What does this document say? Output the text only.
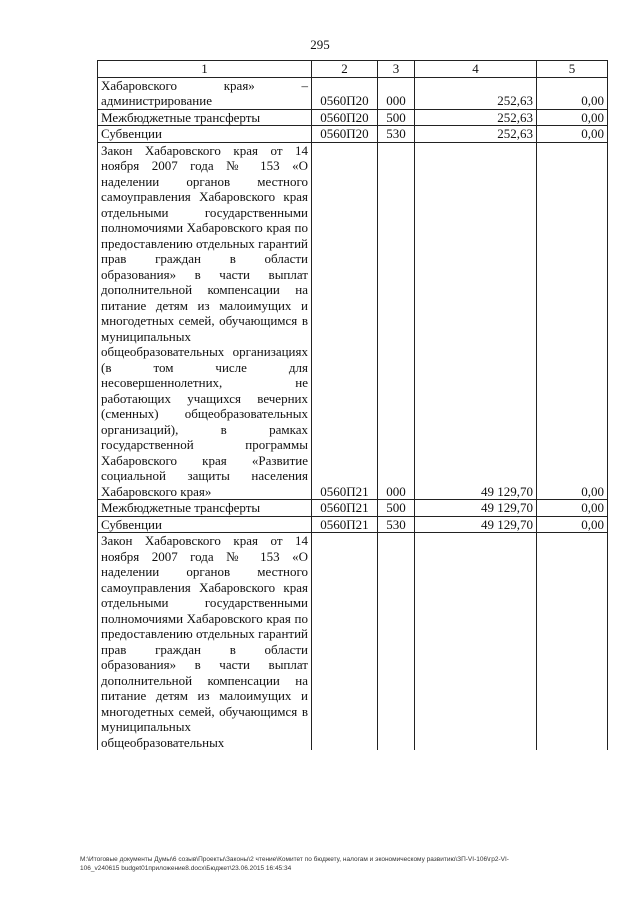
295
1	2	3	4	5
Хабаровского края» – администрирование	0560П20	000	252,63	0,00
Межбюджетные трансферты	0560П20	500	252,63	0,00
Субвенции	0560П20	530	252,63	0,00
Закон Хабаровского края от 14 ноября 2007 года № 153 «О наделении органов местного самоуправления Хабаровского края отдельными государственными полномочиями Хабаровского края по предоставлению отдельных гарантий прав граждан в области образования» в части выплат дополнительной компенсации на питание детям из малоимущих и многодетных семей, обучающимся в муниципальных общеобразовательных организациях (в том числе для несовершеннолетних, не работающих учащихся вечерних (сменных) общеобразовательных организаций), в рамках государственной программы Хабаровского края «Развитие социальной защиты населения Хабаровского края»	0560П21	000	49 129,70	0,00
Межбюджетные трансферты	0560П21	500	49 129,70	0,00
Субвенции	0560П21	530	49 129,70	0,00
Закон Хабаровского края от 14 ноября 2007 года № 153 «О наделении органов местного самоуправления Хабаровского края отдельными государственными полномочиями Хабаровского края по предоставлению отдельных гарантий прав граждан в области образования» в части выплат дополнительной компенсации на питание детям из малоимущих и многодетных семей, обучающимся в муниципальных общеобразовательных				
M:\Итоговые документы Думы\6 созыв\Проекты\Законы\2 чтение\Комитет по бюджету, налогам и экономическому развитию\ЗП-VI-106\гр2-VI-
106_v240615 budget01приложение8.docx\Бюджет\23.06.2015 16:45:34
